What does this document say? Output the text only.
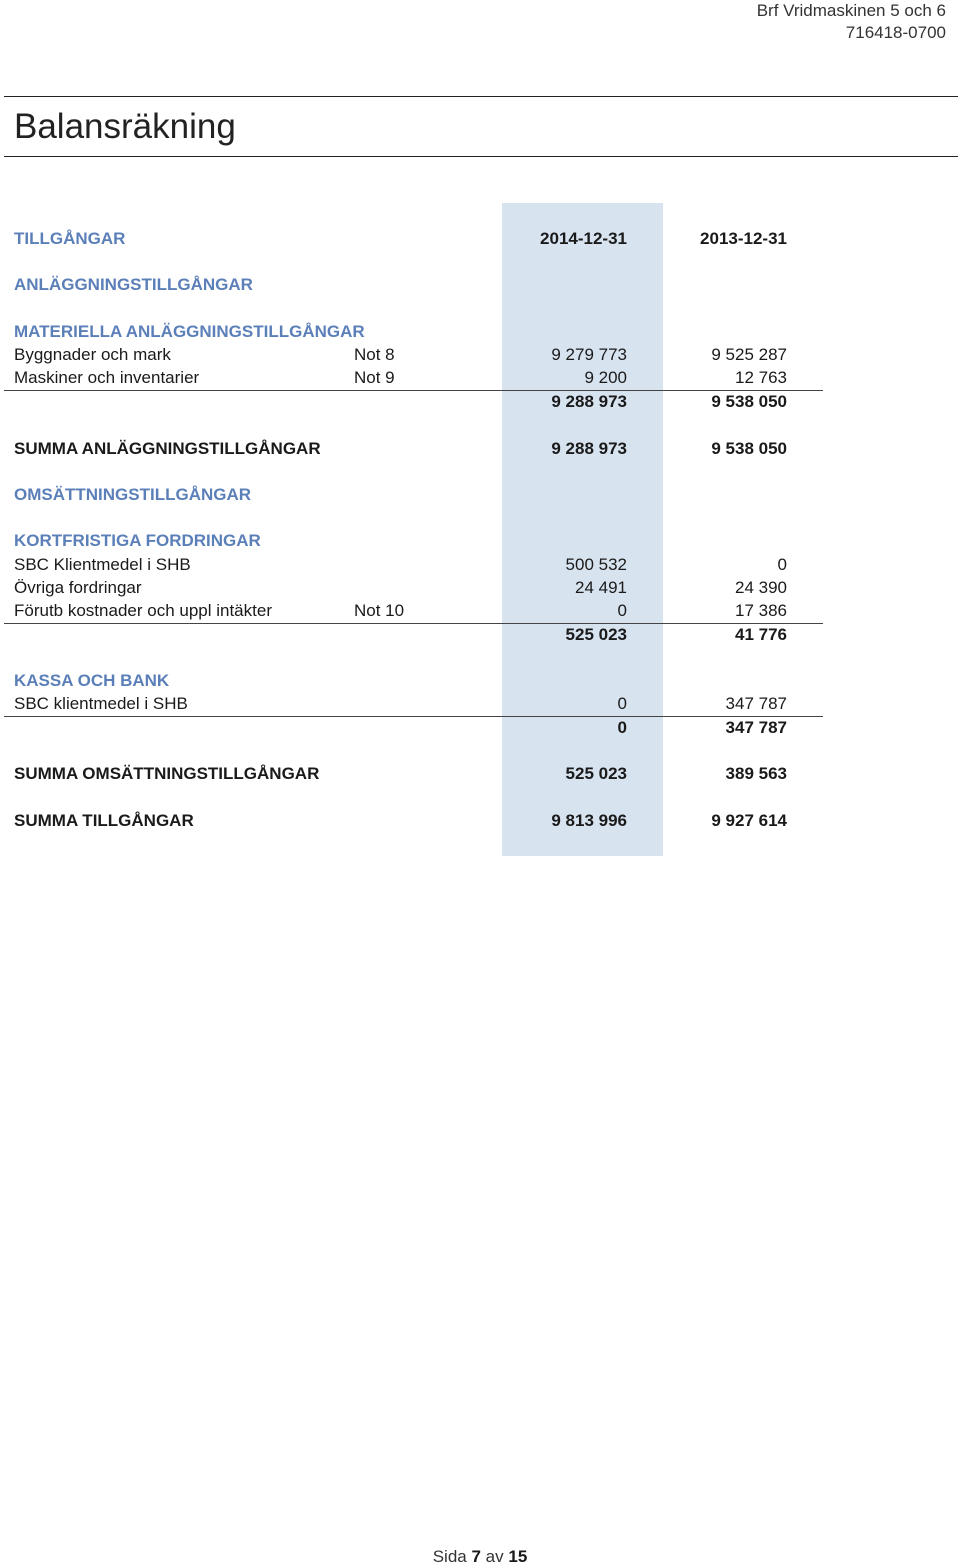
Brf Vridmaskinen 5 och 6
716418-0700
Balansräkning
TILLGÅNGAR	2014-12-31	2013-12-31
ANLÄGGNINGSTILLGÅNGAR
MATERIELLA ANLÄGGNINGSTILLGÅNGAR
Byggnader och mark	Not 8	9 279 773	9 525 287
Maskiner och inventarier	Not 9	9 200	12 763
9 288 973	9 538 050
SUMMA ANLÄGGNINGSTILLGÅNGAR	9 288 973	9 538 050
OMSÄTTNINGSTILLGÅNGAR
KORTFRISTIGA FORDRINGAR
SBC Klientmedel i SHB	500 532	0
Övriga fordringar	24 491	24 390
Förutb kostnader och uppl intäkter	Not 10	0	17 386
525 023	41 776
KASSA OCH BANK
SBC klientmedel i SHB	0	347 787
0	347 787
SUMMA OMSÄTTNINGSTILLGÅNGAR	525 023	389 563
SUMMA TILLGÅNGAR	9 813 996	9 927 614
Sida 7 av 15
